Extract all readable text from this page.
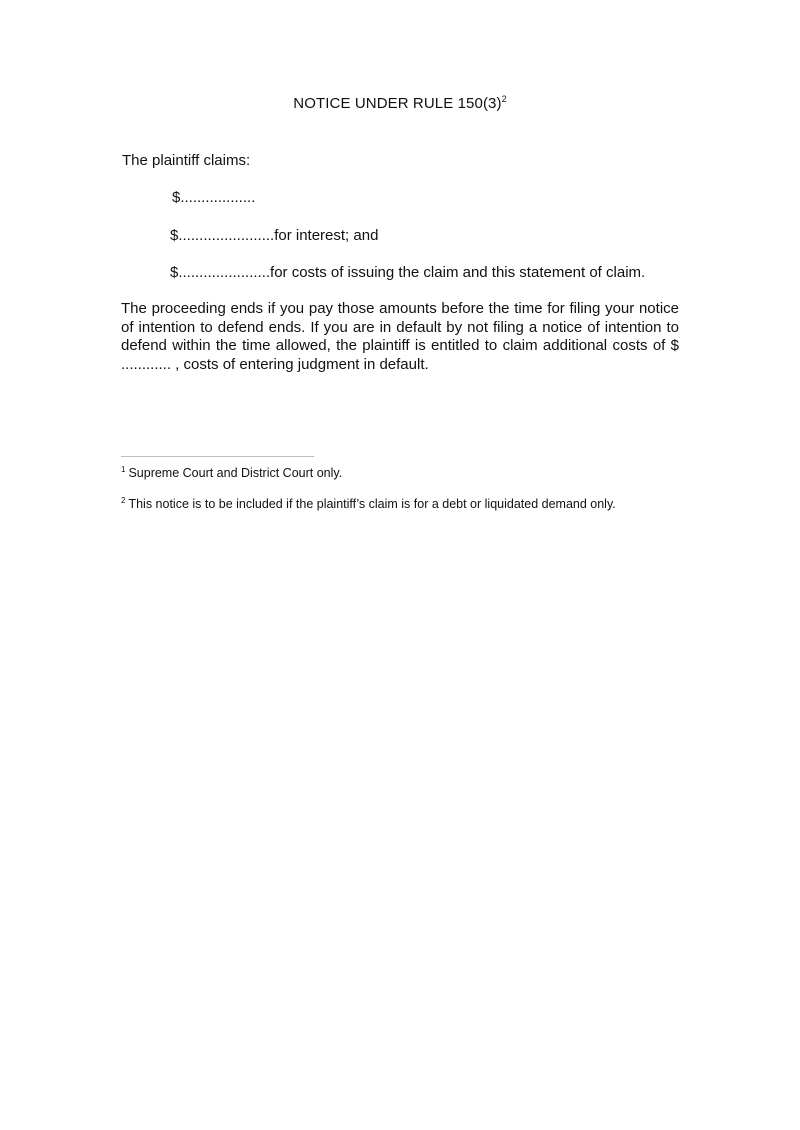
NOTICE UNDER RULE $150(3)^2$
The plaintiff claims:
$..................
$.......................for interest; and
$......................for costs of issuing the claim and this statement of claim.
The proceeding ends if you pay those amounts before the time for filing your notice of intention to defend ends. If you are in default by not filing a notice of intention to defend within the time allowed, the plaintiff is entitled to claim additional costs of $ ............ , costs of entering judgment in default.
$^1$ Supreme Court and District Court only.
$^2$ This notice is to be included if the plaintiff’s claim is for a debt or liquidated demand only.
